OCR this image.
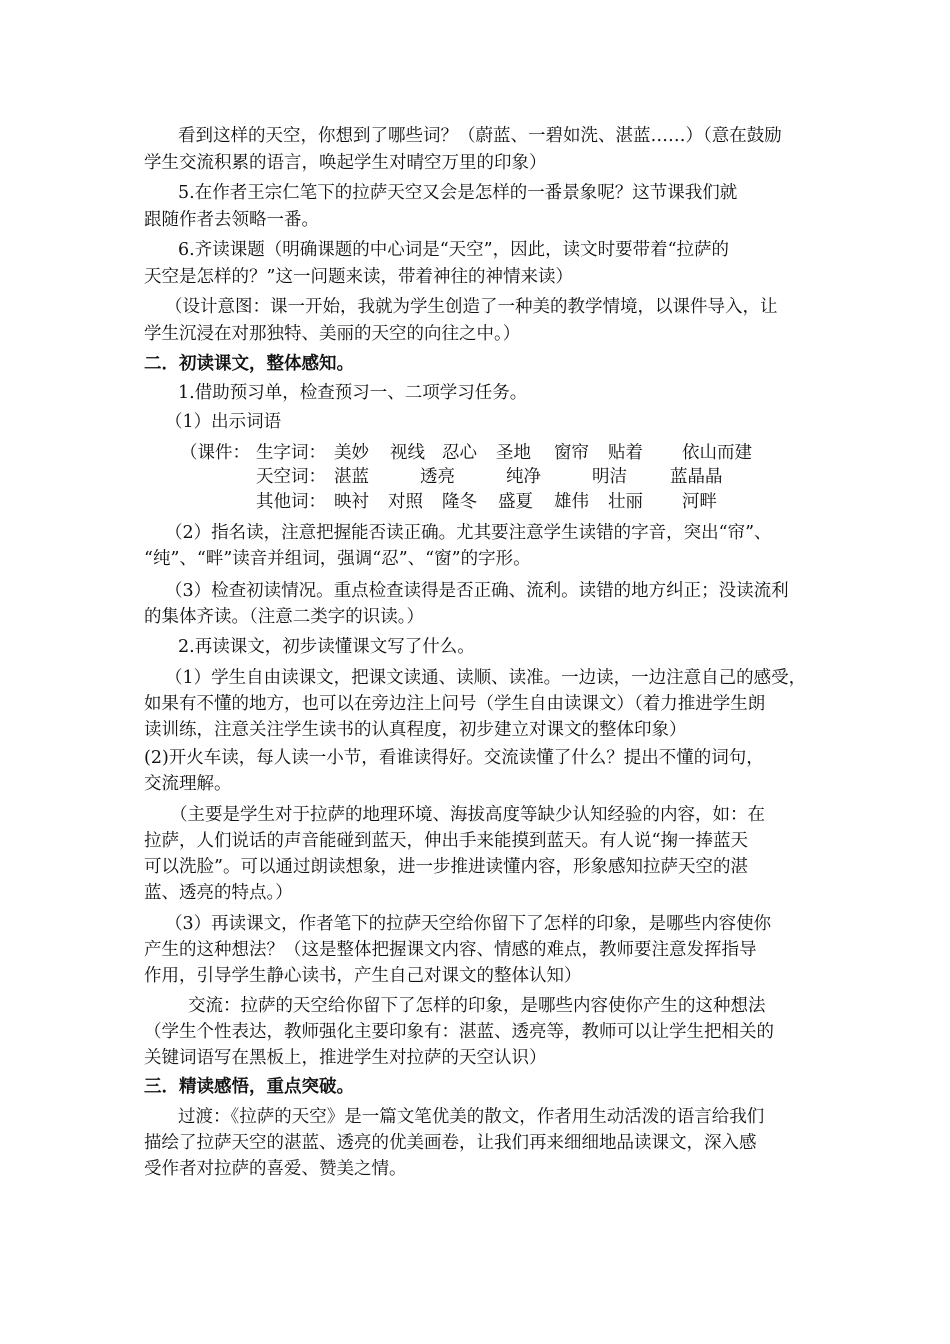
看到这样的天空，你想到了哪些词？（蔚蓝、一碧如洗、湛蓝……）（意在鼓励
学生交流积累的语言，唤起学生对晴空万里的印象）
5.在作者王宗仁笔下的拉萨天空又会是怎样的一番景象呢？这节课我们就
跟随作者去领略一番。
6.齐读课题（明确课题的中心词是“天空”，因此，读文时要带着“拉萨的
天空是怎样的？”这一问题来读，带着神往的神情来读）
（设计意图：课一开始，我就为学生创造了一种美的教学情境，以课件导入，让
学生沉浸在对那独特、美丽的天空的向往之中。）
二．初读课文，整体感知。
1.借助预习单，检查预习一、二项学习任务。
（1）出示词语
（课件： 生字词： 美妙 视线 忍心 圣地 窗帘 贴着 依山而建
天空词： 湛蓝	透亮	纯净	明洁 蓝晶晶
其他词： 映衬 对照 隆冬 盛夏 雄伟 壮丽 河畔
（2）指名读，注意把握能否读正确。尤其要注意学生读错的字音，突出“帘”、
“纯”、“畔”读音并组词，强调“忍”、“窗”的字形。
（3）检查初读情况。重点检查读得是否正确、流利。读错的地方纠正；没读流利
的集体齐读。（注意二类字的识读。）
2.再读课文，初步读懂课文写了什么。
（1）学生自由读课文，把课文读通、读顺、读准。一边读，一边注意自己的感受，
如果有不懂的地方，也可以在旁边注上问号（学生自由读课文）（着力推进学生朗
读训练，注意关注学生读书的认真程度，初步建立对课文的整体印象）
(2)开火车读，每人读一小节，看谁读得好。交流读懂了什么？提出不懂的词句，
交流理解。
（主要是学生对于拉萨的地理环境、海拔高度等缺少认知经验的内容，如：在
拉萨，人们说话的声音能碰到蓝天，伸出手来能摸到蓝天。有人说“掬一捧蓝天
可以洗脸”。可以通过朗读想象，进一步推进读懂内容，形象感知拉萨天空的湛
蓝、透亮的特点。）
（3）再读课文，作者笔下的拉萨天空给你留下了怎样的印象，是哪些内容使你
产生的这种想法？（这是整体把握课文内容、情感的难点，教师要注意发挥指导
作用，引导学生静心读书，产生自己对课文的整体认知）
交流：拉萨的天空给你留下了怎样的印象，是哪些内容使你产生的这种想法
（学生个性表达，教师强化主要印象有：湛蓝、透亮等，教师可以让学生把相关的
关键词语写在黑板上，推进学生对拉萨的天空认识）
三．精读感悟，重点突破。
过渡：《拉萨的天空》是一篇文笔优美的散文，作者用生动活泼的语言给我们
描绘了拉萨天空的湛蓝、透亮的优美画卷，让我们再来细细地品读课文，深入感
受作者对拉萨的喜爱、赞美之情。
